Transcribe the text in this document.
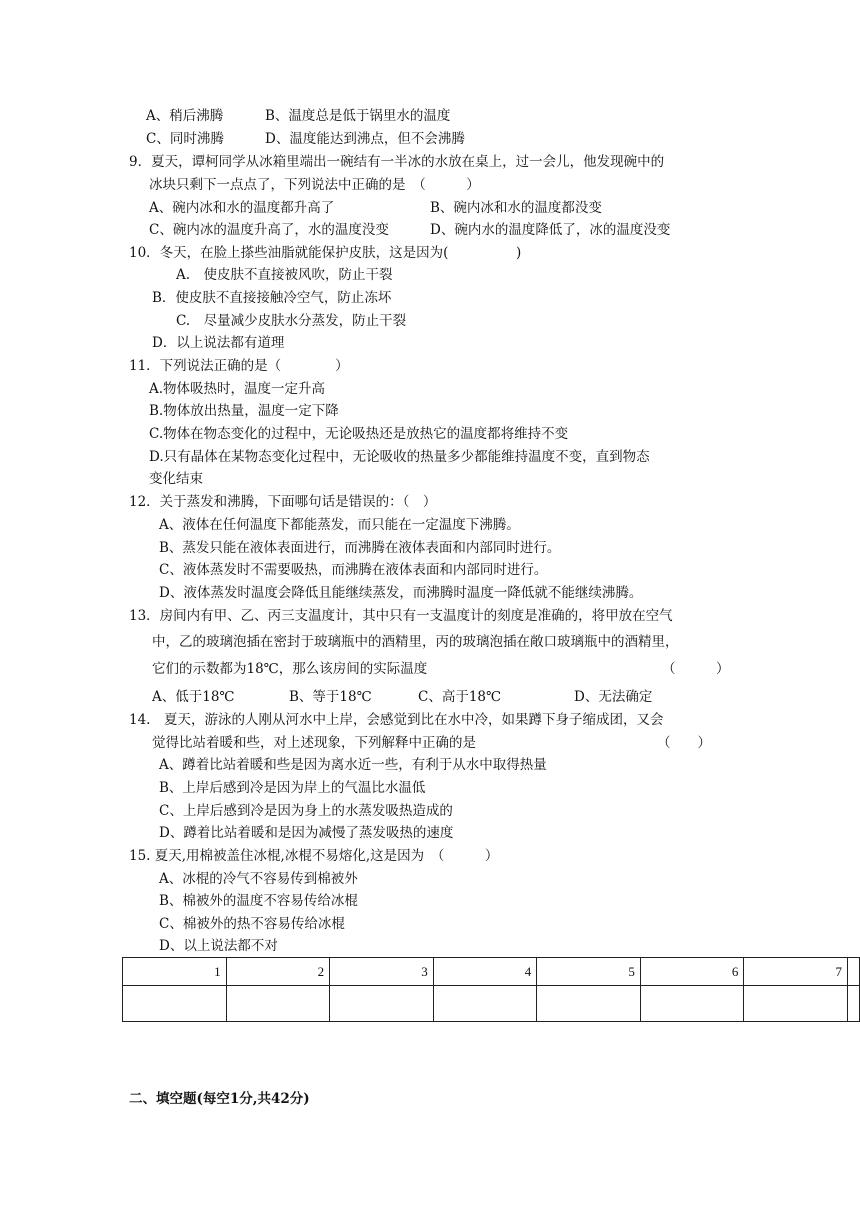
A、稍后沸腾	B、温度总是低于锅里水的温度
C、同时沸腾	D、温度能达到沸点，但不会沸腾
9．夏天，谭柯同学从冰箱里端出一碗结有一半冰的水放在桌上，过一会儿，他发现碗中的
冰块只剩下一点点了，下列说法中正确的是　（　　　）
A、碗内冰和水的温度都升高了	B、碗内冰和水的温度都没变
C、碗内冰的温度升高了，水的温度没变	D、碗内水的温度降低了，冰的温度没变
10．冬天，在脸上搽些油脂就能保护皮肤，这是因为(　　　　　)
A.　使皮肤不直接被风吹，防止干裂
B．使皮肤不直接接触冷空气，防止冻坏
C.　尽量减少皮肤水分蒸发，防止干裂
D．以上说法都有道理
11．下列说法正确的是（　　　　）
A.物体吸热时，温度一定升高
B.物体放出热量，温度一定下降
C.物体在物态变化的过程中，无论吸热还是放热它的温度都将维持不变
D.只有晶体在某物态变化过程中，无论吸收的热量多少都能维持温度不变，直到物态
变化结束
12．关于蒸发和沸腾，下面哪句话是错误的：（　）
A、液体在任何温度下都能蒸发，而只能在一定温度下沸腾。
B、蒸发只能在液体表面进行，而沸腾在液体表面和内部同时进行。
C、液体蒸发时不需要吸热，而沸腾在液体表面和内部同时进行。
D、液体蒸发时温度会降低且能继续蒸发，而沸腾时温度一降低就不能继续沸腾。
13．房间内有甲、乙、丙三支温度计，其中只有一支温度计的刻度是准确的，将甲放在空气
中，乙的玻璃泡插在密封于玻璃瓶中的酒精里，丙的玻璃泡插在敞口玻璃瓶中的酒精里，
它们的示数都为18℃，那么该房间的实际温度	（　　　）
A、低于18℃	B、等于18℃	C、高于18℃	D、无法确定
14.　夏天，游泳的人刚从河水中上岸，会感觉到比在水中冷，如果蹲下身子缩成团，又会
觉得比站着暖和些，对上述现象，下列解释中正确的是	（　　）
A、蹲着比站着暖和些是因为离水近一些，有利于从水中取得热量
B、上岸后感到冷是因为岸上的气温比水温低
C、上岸后感到冷是因为身上的水蒸发吸热造成的
D、蹲着比站着暖和是因为减慢了蒸发吸热的速度
15. 夏天,用棉被盖住冰棍,冰棍不易熔化,这是因为　（　　　）
A、冰棍的冷气不容易传到棉被外
B、棉被外的温度不容易传给冰棍
C、棉被外的热不容易传给冰棍
D、以上说法都不对
1	2	3	4	5	6	7	

二、填空题(每空1分,共42分)
